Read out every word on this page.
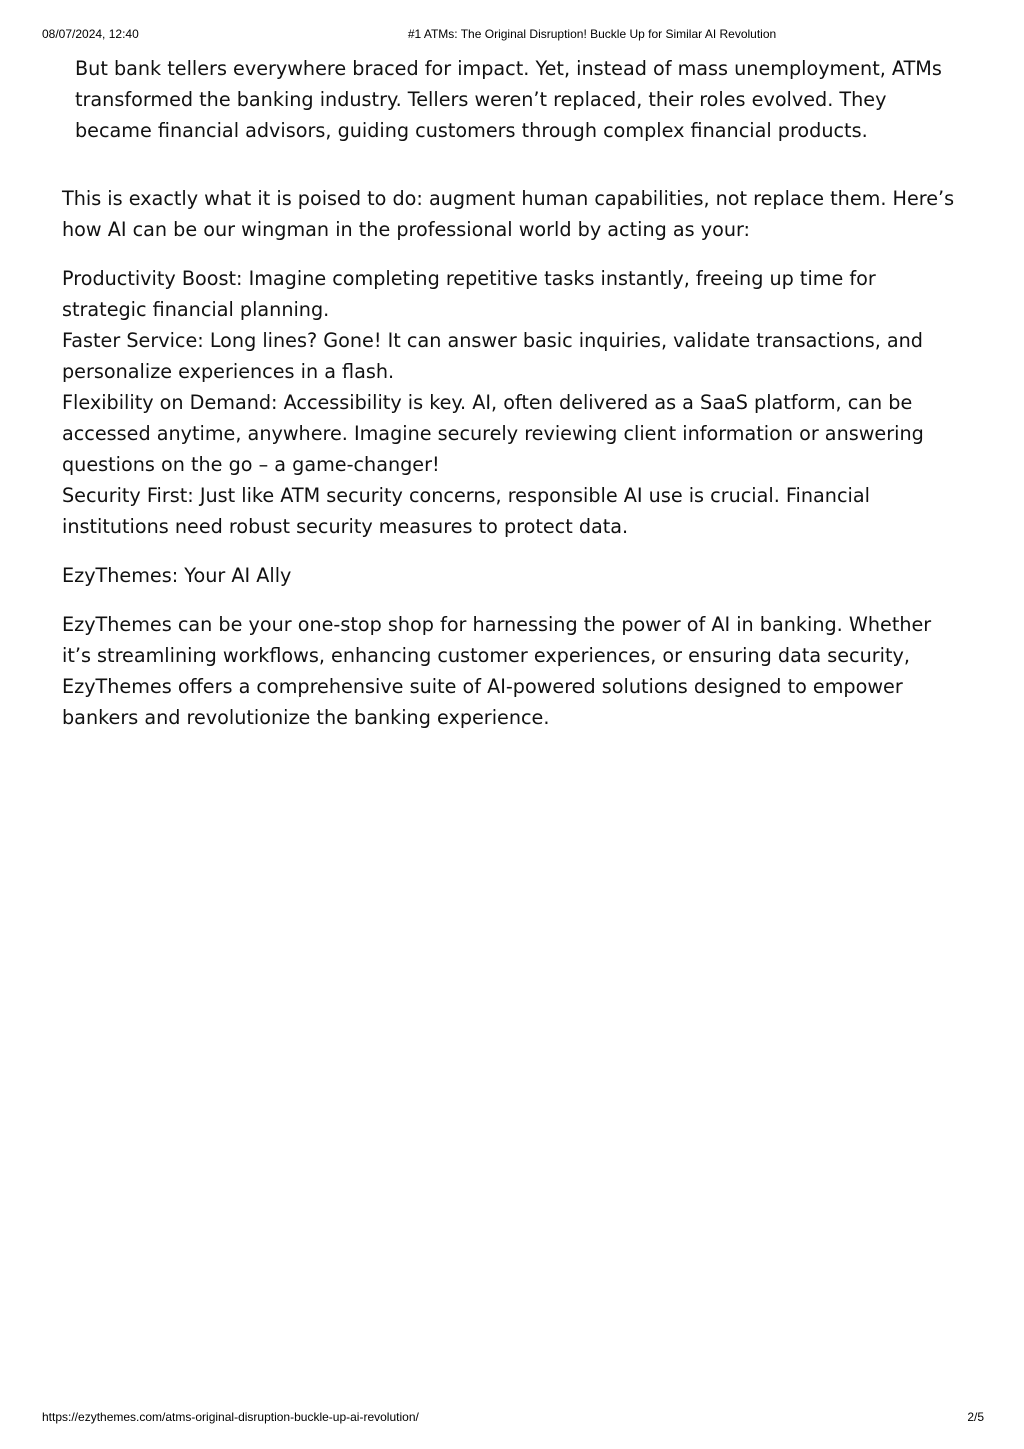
08/07/2024, 12:40	#1 ATMs: The Original Disruption! Buckle Up for Similar AI Revolution

But bank tellers everywhere braced for impact. Yet, instead of mass unemployment, ATMs transformed the banking industry. Tellers weren’t replaced, their roles evolved. They became financial advisors, guiding customers through complex financial products.

This is exactly what it is poised to do: augment human capabilities, not replace them. Here’s how AI can be our wingman in the professional world by acting as your:

Productivity Boost: Imagine completing repetitive tasks instantly, freeing up time for strategic financial planning.

Faster Service: Long lines? Gone! It can answer basic inquiries, validate transactions, and personalize experiences in a flash.

Flexibility on Demand: Accessibility is key. AI, often delivered as a SaaS platform, can be accessed anytime, anywhere. Imagine securely reviewing client information or answering questions on the go – a game-changer!

Security First: Just like ATM security concerns, responsible AI use is crucial. Financial institutions need robust security measures to protect data.

EzyThemes: Your AI Ally

EzyThemes can be your one-stop shop for harnessing the power of AI in banking. Whether it’s streamlining workflows, enhancing customer experiences, or ensuring data security, EzyThemes offers a comprehensive suite of AI-powered solutions designed to empower bankers and revolutionize the banking experience.

https://ezythemes.com/atms-original-disruption-buckle-up-ai-revolution/	2/5
